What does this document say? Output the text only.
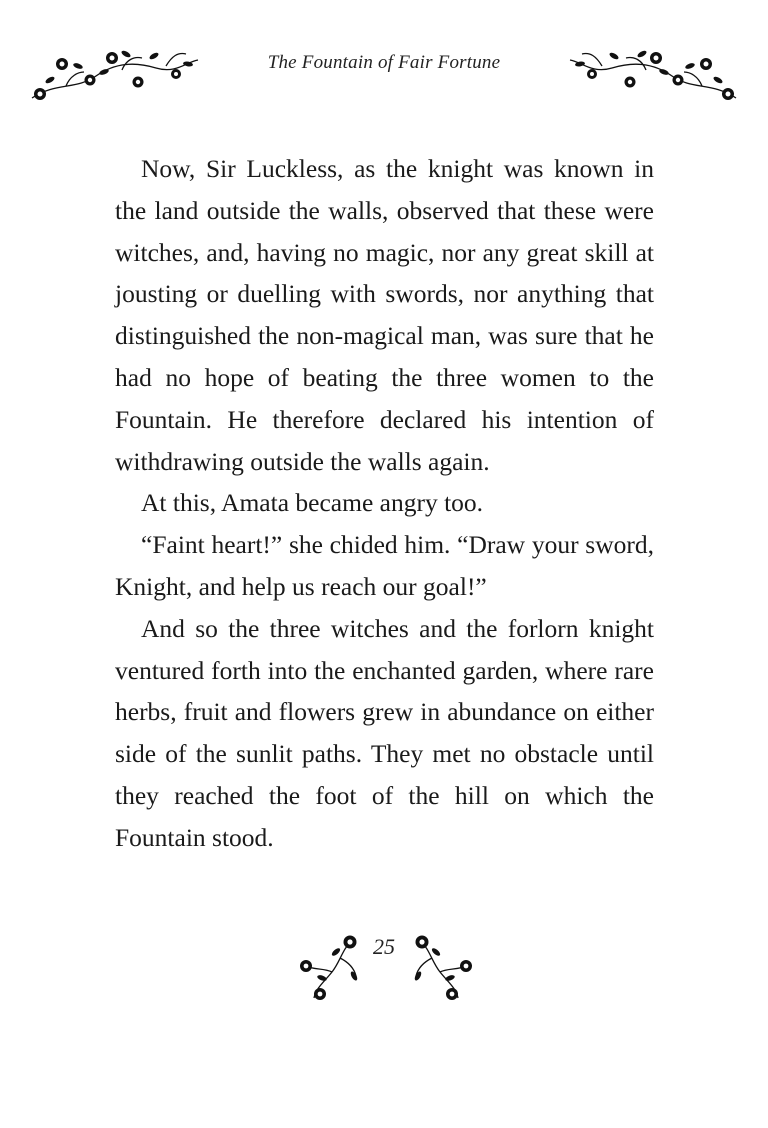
The Fountain of Fair Fortune

Now, Sir Luckless, as the knight was known in the land outside the walls, observed that these were witches, and, having no magic, nor any great skill at jousting or duelling with swords, nor anything that distinguished the non-magical man, was sure that he had no hope of beating the three women to the Fountain. He therefore declared his intention of withdrawing outside the walls again.

At this, Amata became angry too.

“Faint heart!” she chided him. “Draw your sword, Knight, and help us reach our goal!”

And so the three witches and the forlorn knight ventured forth into the enchanted garden, where rare herbs, fruit and flowers grew in abundance on either side of the sunlit paths. They met no obstacle until they reached the foot of the hill on which the Fountain stood.

25
